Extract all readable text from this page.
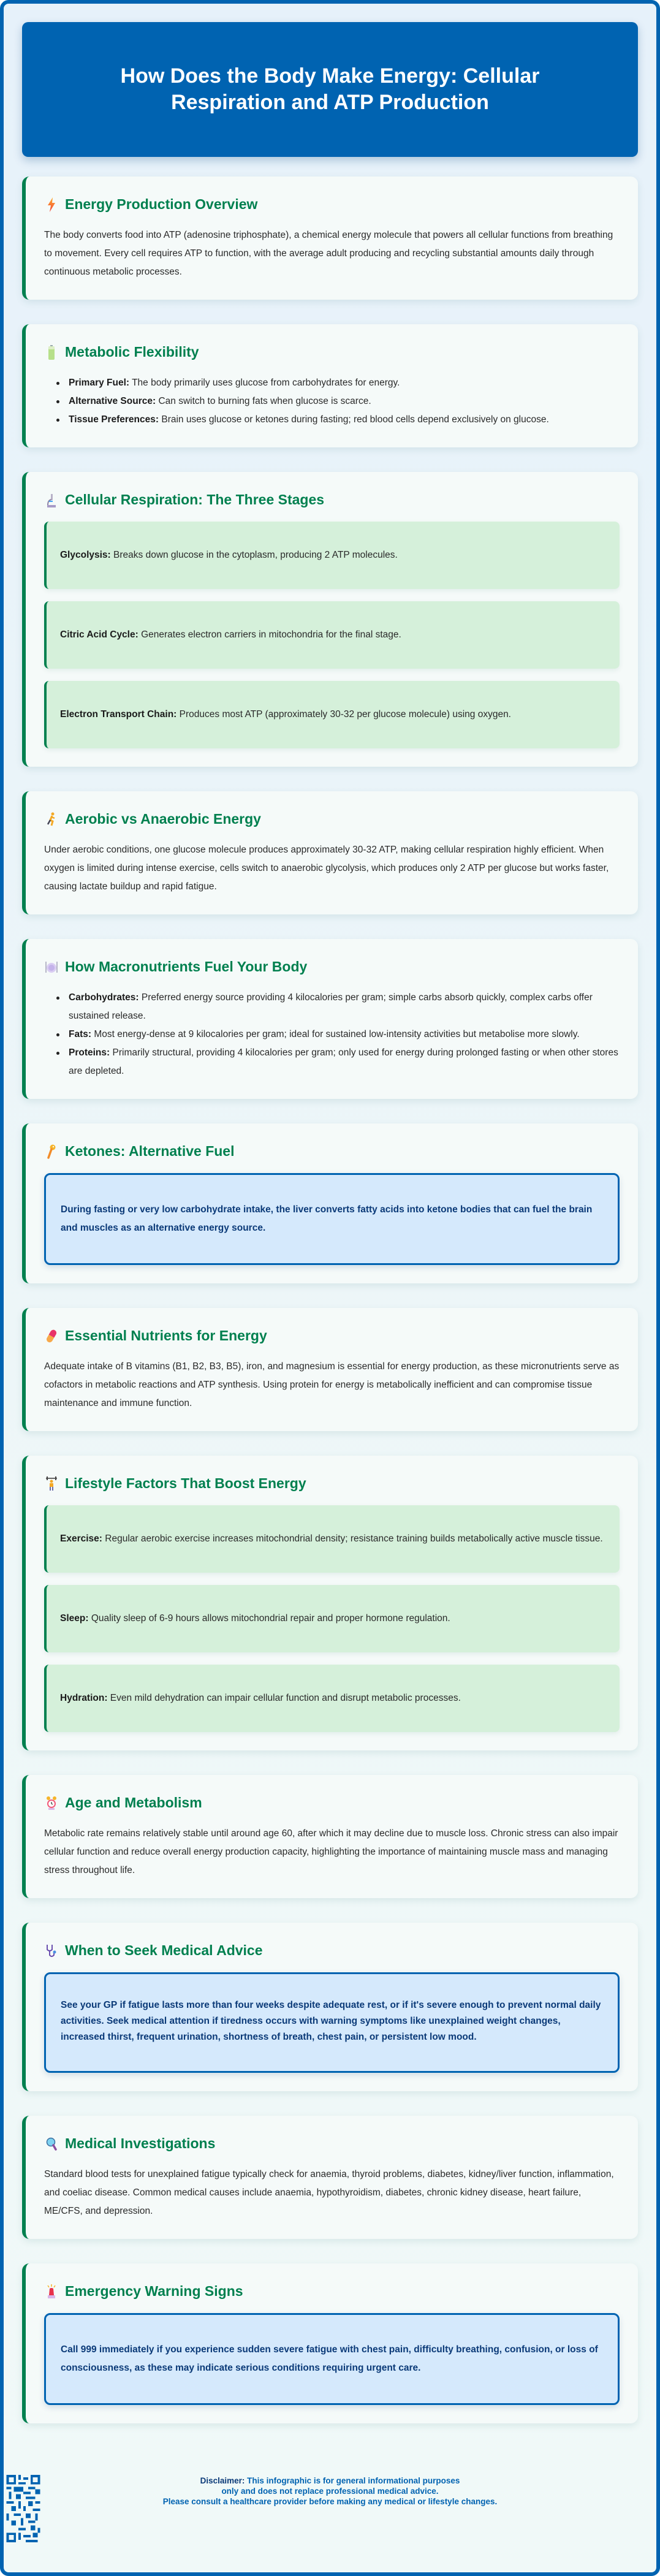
How Does the Body Make Energy: Cellular Respiration and ATP Production
Energy Production Overview

The body converts food into ATP (adenosine triphosphate), a chemical energy molecule that powers all cellular functions from breathing to movement. Every cell requires ATP to function, with the average adult producing and recycling substantial amounts daily through continuous metabolic processes.

Metabolic Flexibility
Primary Fuel: The body primarily uses glucose from carbohydrates for energy.
Alternative Source: Can switch to burning fats when glucose is scarce.
Tissue Preferences: Brain uses glucose or ketones during fasting; red blood cells depend exclusively on glucose.
Cellular Respiration: The Three Stages
Glycolysis: Breaks down glucose in the cytoplasm, producing 2 ATP molecules.
Citric Acid Cycle: Generates electron carriers in mitochondria for the final stage.
Electron Transport Chain: Produces most ATP (approximately 30-32 per glucose molecule) using oxygen.
Aerobic vs Anaerobic Energy

Under aerobic conditions, one glucose molecule produces approximately 30-32 ATP, making cellular respiration highly efficient. When oxygen is limited during intense exercise, cells switch to anaerobic glycolysis, which produces only 2 ATP per glucose but works faster, causing lactate buildup and rapid fatigue.

How Macronutrients Fuel Your Body
Carbohydrates: Preferred energy source providing 4 kilocalories per gram; simple carbs absorb quickly, complex carbs offer sustained release.
Fats: Most energy-dense at 9 kilocalories per gram; ideal for sustained low-intensity activities but metabolise more slowly.
Proteins: Primarily structural, providing 4 kilocalories per gram; only used for energy during prolonged fasting or when other stores are depleted.
Ketones: Alternative Fuel
During fasting or very low carbohydrate intake, the liver converts fatty acids into ketone bodies that can fuel the brain and muscles as an alternative energy source.
Essential Nutrients for Energy

Adequate intake of B vitamins (B1, B2, B3, B5), iron, and magnesium is essential for energy production, as these micronutrients serve as cofactors in metabolic reactions and ATP synthesis. Using protein for energy is metabolically inefficient and can compromise tissue maintenance and immune function.

Lifestyle Factors That Boost Energy
Exercise: Regular aerobic exercise increases mitochondrial density; resistance training builds metabolically active muscle tissue.
Sleep: Quality sleep of 6-9 hours allows mitochondrial repair and proper hormone regulation.
Hydration: Even mild dehydration can impair cellular function and disrupt metabolic processes.
Age and Metabolism

Metabolic rate remains relatively stable until around age 60, after which it may decline due to muscle loss. Chronic stress can also impair cellular function and reduce overall energy production capacity, highlighting the importance of maintaining muscle mass and managing stress throughout life.

When to Seek Medical Advice
See your GP if fatigue lasts more than four weeks despite adequate rest, or if it's severe enough to prevent normal daily activities. Seek medical attention if tiredness occurs with warning symptoms like unexplained weight changes, increased thirst, frequent urination, shortness of breath, chest pain, or persistent low mood.
Medical Investigations

Standard blood tests for unexplained fatigue typically check for anaemia, thyroid problems, diabetes, kidney/liver function, inflammation, and coeliac disease. Common medical causes include anaemia, hypothyroidism, diabetes, chronic kidney disease, heart failure, ME/CFS, and depression.

Emergency Warning Signs
Call 999 immediately if you experience sudden severe fatigue with chest pain, difficulty breathing, confusion, or loss of consciousness, as these may indicate serious conditions requiring urgent care.
Disclaimer: This infographic is for general informational purposes
only and does not replace professional medical advice.
Please consult a healthcare provider before making any medical or lifestyle changes.
